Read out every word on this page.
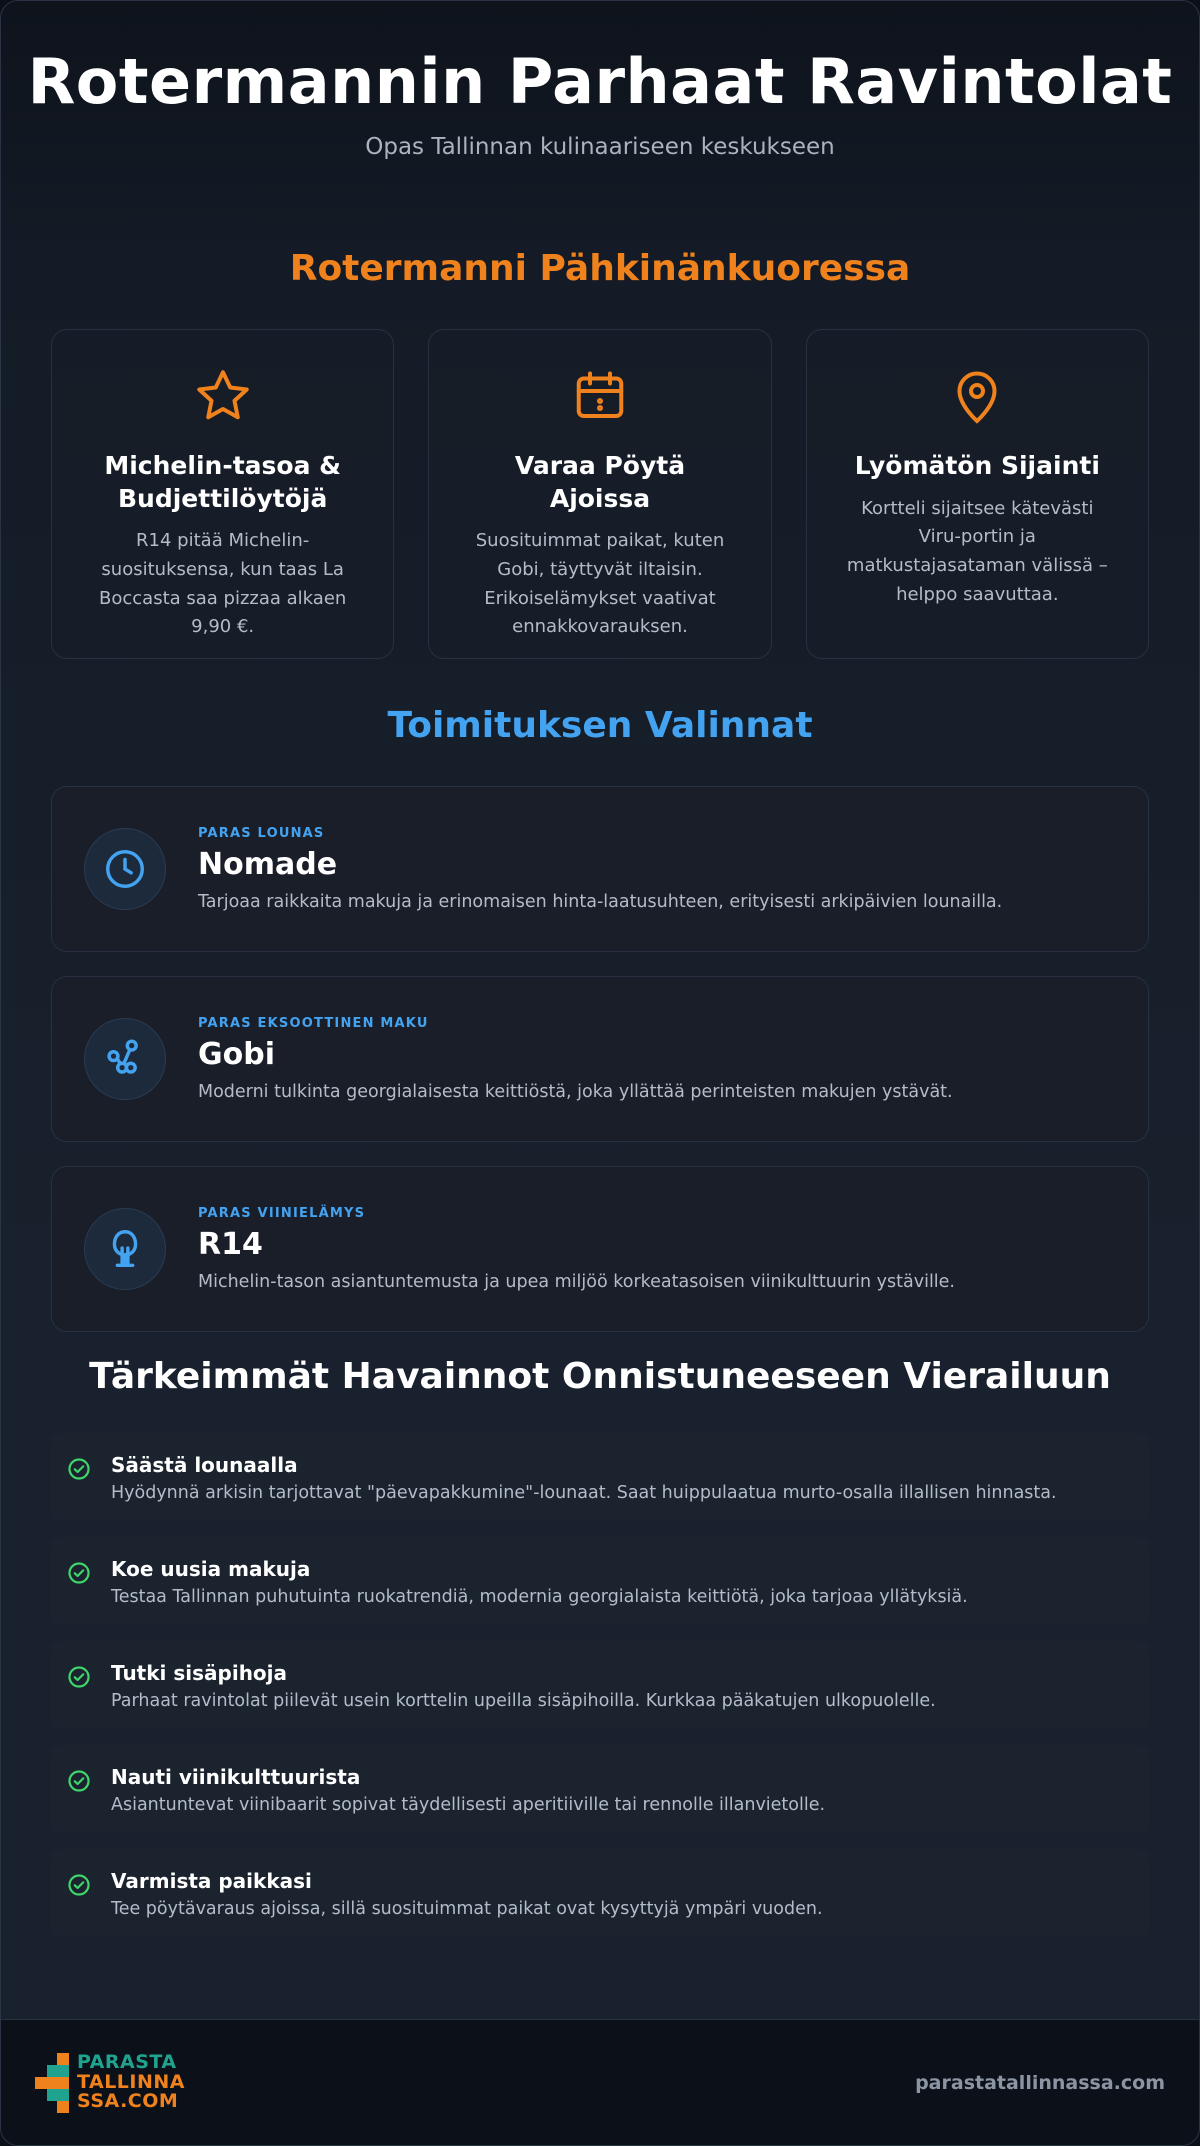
Rotermannin Parhaat Ravintolat
Opas Tallinnan kulinaariseen keskukseen
Rotermanni Pähkinänkuoressa
Michelin-tasoa & Budjettilöytöjä

R14 pitää Michelin-suosituksensa, kun taas La Boccasta saa pizzaa alkaen 9,90 €.

Varaa Pöytä Ajoissa

Suosituimmat paikat, kuten Gobi, täyttyvät iltaisin. Erikoiselämykset vaativat ennakkovarauksen.

Lyömätön Sijainti

Kortteli sijaitsee kätevästi Viru-portin ja matkustajasataman välissä – helppo saavuttaa.

Toimituksen Valinnat
PARAS LOUNAS
Nomade
Tarjoaa raikkaita makuja ja erinomaisen hinta-laatusuhteen, erityisesti arkipäivien lounailla.
PARAS EKSOOTTINEN MAKU
Gobi
Moderni tulkinta georgialaisesta keittiöstä, joka yllättää perinteisten makujen ystävät.
PARAS VIINIELÄMYS
R14
Michelin-tason asiantuntemusta ja upea miljöö korkeatasoisen viinikulttuurin ystäville.
Tärkeimmät Havainnot Onnistuneeseen Vierailuun
Säästä lounaalla
Hyödynnä arkisin tarjottavat "päevapakkumine"-lounaat. Saat huippulaatua murto-osalla illallisen hinnasta.
Koe uusia makuja
Testaa Tallinnan puhutuinta ruokatrendiä, modernia georgialaista keittiötä, joka tarjoaa yllätyksiä.
Tutki sisäpihoja
Parhaat ravintolat piilevät usein korttelin upeilla sisäpihoilla. Kurkkaa pääkatujen ulkopuolelle.
Nauti viinikulttuurista
Asiantuntevat viinibaarit sopivat täydellisesti aperitiiville tai rennolle illanvietolle.
Varmista paikkasi
Tee pöytävaraus ajoissa, sillä suosituimmat paikat ovat kysyttyjä ympäri vuoden.
PARASTA
TALLINNA
SSA.COM
parastatallinnassa.com
